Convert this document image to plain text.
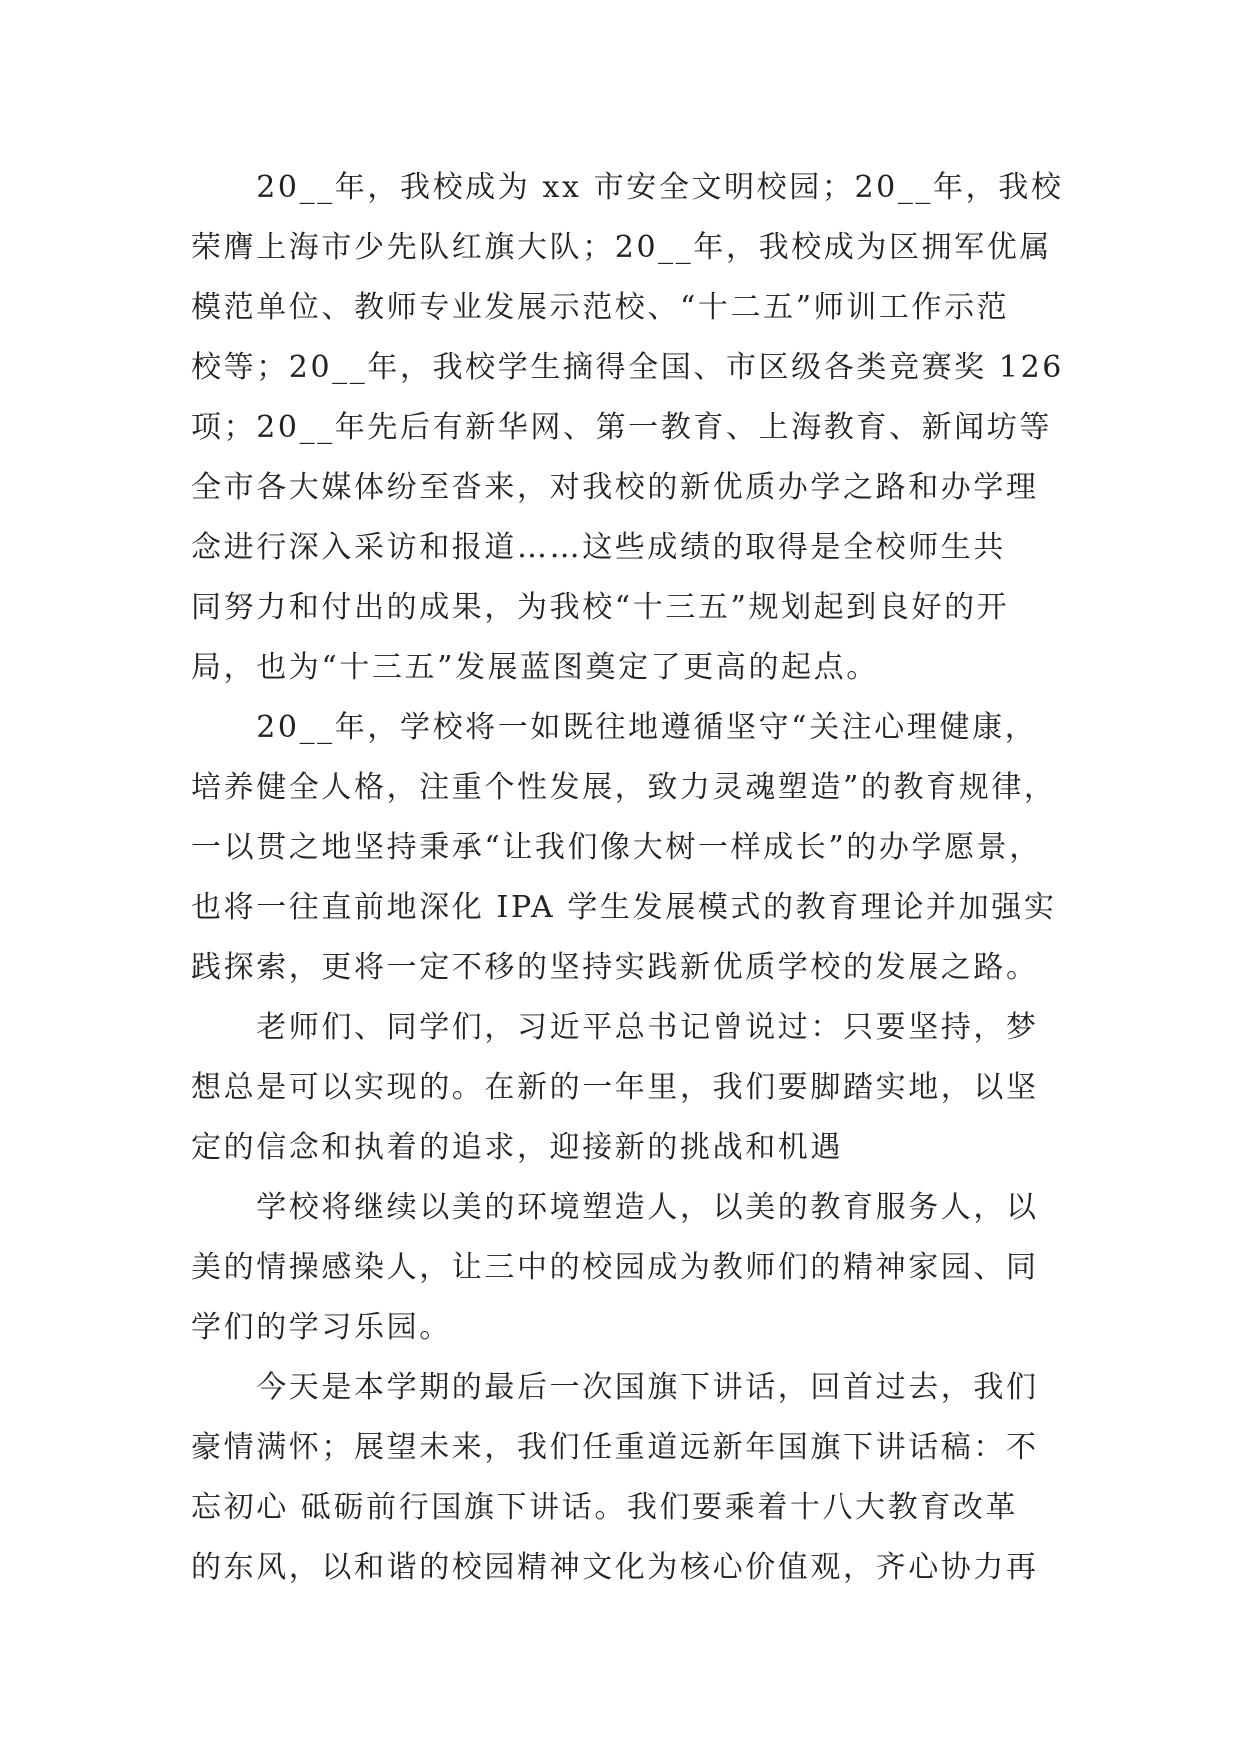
　　20__年，我校成为 xx 市安全文明校园；20__年，我校
荣膺上海市少先队红旗大队；20__年，我校成为区拥军优属
模范单位、教师专业发展示范校、“十二五”师训工作示范
校等；20__年，我校学生摘得全国、市区级各类竞赛奖 126
项；20__年先后有新华网、第一教育、上海教育、新闻坊等
全市各大媒体纷至沓来，对我校的新优质办学之路和办学理
念进行深入采访和报道……这些成绩的取得是全校师生共
同努力和付出的成果，为我校“十三五”规划起到良好的开
局，也为“十三五”发展蓝图奠定了更高的起点。
　　20__年，学校将一如既往地遵循坚守“关注心理健康，
培养健全人格，注重个性发展，致力灵魂塑造”的教育规律，
一以贯之地坚持秉承“让我们像大树一样成长”的办学愿景，
也将一往直前地深化 IPA 学生发展模式的教育理论并加强实
践探索，更将一定不移的坚持实践新优质学校的发展之路。
　　老师们、同学们，习近平总书记曾说过：只要坚持，梦
想总是可以实现的。在新的一年里，我们要脚踏实地，以坚
定的信念和执着的追求，迎接新的挑战和机遇
　　学校将继续以美的环境塑造人，以美的教育服务人，以
美的情操感染人，让三中的校园成为教师们的精神家园、同
学们的学习乐园。
　　今天是本学期的最后一次国旗下讲话，回首过去，我们
豪情满怀；展望未来，我们任重道远新年国旗下讲话稿：不
忘初心 砥砺前行国旗下讲话。我们要乘着十八大教育改革
的东风，以和谐的校园精神文化为核心价值观，齐心协力再
